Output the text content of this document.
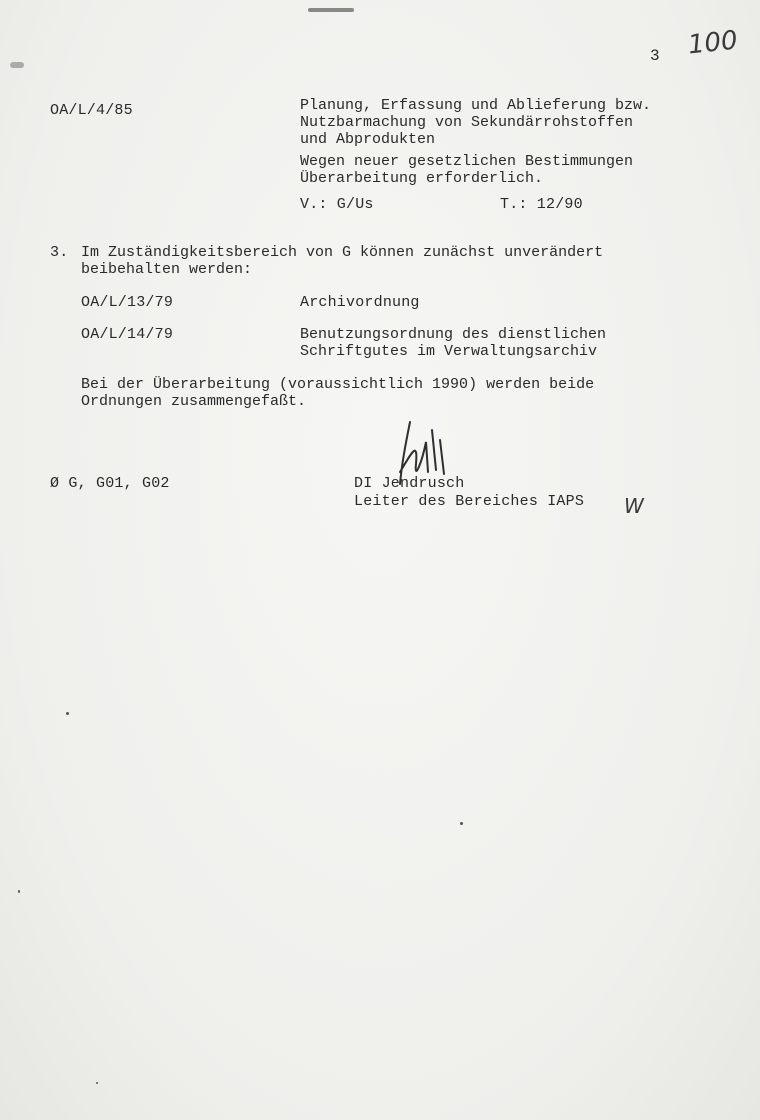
3 100
OA/L/4/85	Planung, Erfassung und Ablieferung bzw.
Nutzbarmachung von Sekundärrohstoffen
und Abprodukten
Wegen neuer gesetzlichen Bestimmungen
Überarbeitung erforderlich.
V.: G/Us	T.: 12/90
3. Im Zuständigkeitsbereich von G können zunächst unverändert
beibehalten werden:
OA/L/13/79	Archivordnung
OA/L/14/79	Benutzungsordnung des dienstlichen
Schriftgutes im Verwaltungsarchiv
Bei der Überarbeitung (voraussichtlich 1990) werden beide
Ordnungen zusammengefaßt.
Ø G, G01, G02	DI Jendrusch
Leiter des Bereiches IAPS W
